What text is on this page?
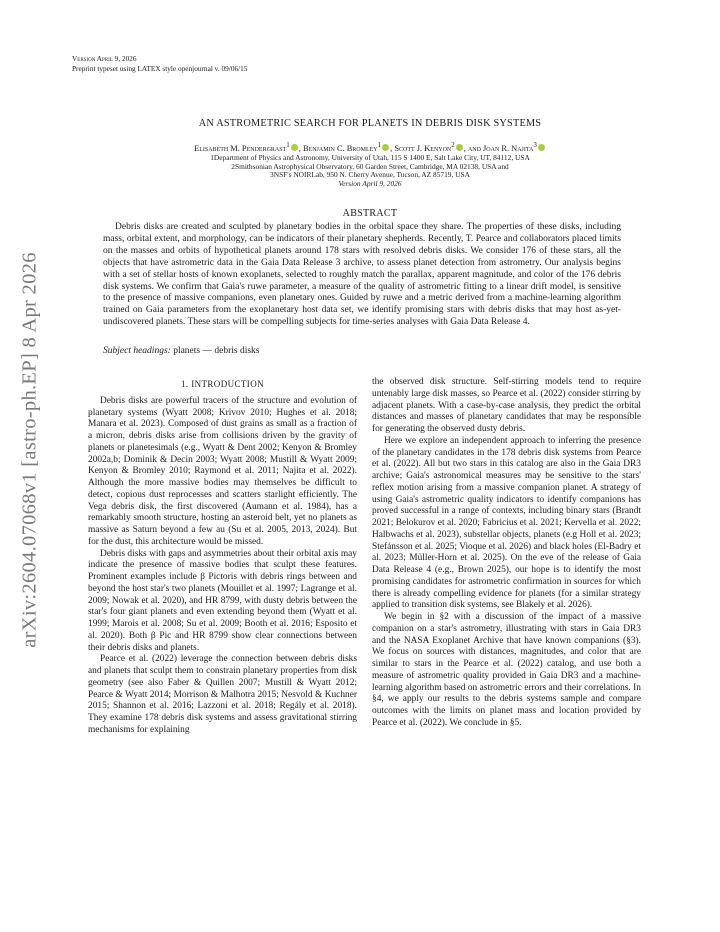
arXiv:2604.07068v1 [astro-ph.EP] 8 Apr 2026
Version April 9, 2026
Preprint typeset using LATEX style openjournal v. 09/06/15
AN ASTROMETRIC SEARCH FOR PLANETS IN DEBRIS DISK SYSTEMS
Elisabeth M. Pendergrast$^1$ , Benjamin C. Bromley$^1$ , Scott J. Kenyon$^2$ , and Joan R. Najita$^3$
1Department of Physics and Astronomy, University of Utah, 115 S 1400 E, Salt Lake City, UT, 84112, USA
2Smithsonian Astrophysical Observatory, 60 Garden Street, Cambridge, MA 02138, USA and
3NSF's NOIRLab, 950 N. Cherry Avenue, Tucson, AZ 85719, USA
Version April 9, 2026
ABSTRACT

Debris disks are created and sculpted by planetary bodies in the orbital space they share. The properties of these disks, including mass, orbital extent, and morphology, can be indicators of their planetary shepherds. Recently, T. Pearce and collaborators placed limits on the masses and orbits of hypothetical planets around 178 stars with resolved debris disks. We consider 176 of these stars, all the objects that have astrometric data in the Gaia Data Release 3 archive, to assess planet detection from astrometry. Our analysis begins with a set of stellar hosts of known exoplanets, selected to roughly match the parallax, apparent magnitude, and color of the 176 debris disk systems. We confirm that Gaia's ruwe parameter, a measure of the quality of astrometric fitting to a linear drift model, is sensitive to the presence of massive companions, even planetary ones. Guided by ruwe and a metric derived from a machine-learning algorithm trained on Gaia parameters from the exoplanetary host data set, we identify promising stars with debris disks that may host as-yet-undiscovered planets. These stars will be compelling subjects for time-series analyses with Gaia Data Release 4.

Subject headings: planets — debris disks
1. INTRODUCTION

Debris disks are powerful tracers of the structure and evolution of planetary systems (Wyatt 2008; Krivov 2010; Hughes et al. 2018; Manara et al. 2023). Composed of dust grains as small as a fraction of a micron, debris disks arise from collisions driven by the gravity of planets or planetesimals (e.g., Wyatt & Dent 2002; Kenyon & Bromley 2002a,b; Dominik & Decin 2003; Wyatt 2008; Mustill & Wyatt 2009; Kenyon & Bromley 2010; Raymond et al. 2011; Najita et al. 2022). Although the more massive bodies may themselves be difficult to detect, copious dust reprocesses and scatters starlight efficiently. The Vega debris disk, the first discovered (Aumann et al. 1984), has a remarkably smooth structure, hosting an asteroid belt, yet no planets as massive as Saturn beyond a few au (Su et al. 2005, 2013, 2024). But for the dust, this architecture would be missed.

Debris disks with gaps and asymmetries about their orbital axis may indicate the presence of massive bodies that sculpt these features. Prominent examples include β Pictoris with debris rings between and beyond the host star's two planets (Mouillet et al. 1997; Lagrange et al. 2009; Nowak et al. 2020), and HR 8799, with dusty debris between the star's four giant planets and even extending beyond them (Wyatt et al. 1999; Marois et al. 2008; Su et al. 2009; Booth et al. 2016; Esposito et al. 2020). Both β Pic and HR 8799 show clear connections between their debris disks and planets.

Pearce et al. (2022) leverage the connection between debris disks and planets that sculpt them to constrain planetary properties from disk geometry (see also Faber & Quillen 2007; Mustill & Wyatt 2012; Pearce & Wyatt 2014; Morrison & Malhotra 2015; Nesvold & Kuchner 2015; Shannon et al. 2016; Lazzoni et al. 2018; Regály et al. 2018). They examine 178 debris disk systems and assess gravitational stirring mechanisms for explaining

the observed disk structure. Self-stirring models tend to require untenably large disk masses, so Pearce et al. (2022) consider stirring by adjacent planets. With a case-by-case analysis, they predict the orbital distances and masses of planetary candidates that may be responsible for generating the observed dusty debris.

Here we explore an independent approach to inferring the presence of the planetary candidates in the 178 debris disk systems from Pearce et al. (2022). All but two stars in this catalog are also in the Gaia DR3 archive; Gaia's astronomical measures may be sensitive to the stars' reflex motion arising from a massive companion planet. A strategy of using Gaia's astrometric quality indicators to identify companions has proved successful in a range of contexts, including binary stars (Brandt 2021; Belokurov et al. 2020; Fabricius et al. 2021; Kervella et al. 2022; Halbwachs et al. 2023), substellar objects, planets (e.g Holl et al. 2023; Stefánsson et al. 2025; Vioque et al. 2026) and black holes (El-Badry et al. 2023; Müller-Horn et al. 2025). On the eve of the release of Gaia Data Release 4 (e.g., Brown 2025), our hope is to identify the most promising candidates for astrometric confirmation in sources for which there is already compelling evidence for planets (for a similar strategy applied to transition disk systems, see Blakely et al. 2026).

We begin in §2 with a discussion of the impact of a massive companion on a star's astrometry, illustrating with stars in Gaia DR3 and the NASA Exoplanet Archive that have known companions (§3). We focus on sources with distances, magnitudes, and color that are similar to stars in the Pearce et al. (2022) catalog, and use both a measure of astrometric quality provided in Gaia DR3 and a machine-learning algorithm based on astrometric errors and their correlations. In §4, we apply our results to the debris systems sample and compare outcomes with the limits on planet mass and location provided by Pearce et al. (2022). We conclude in §5.
